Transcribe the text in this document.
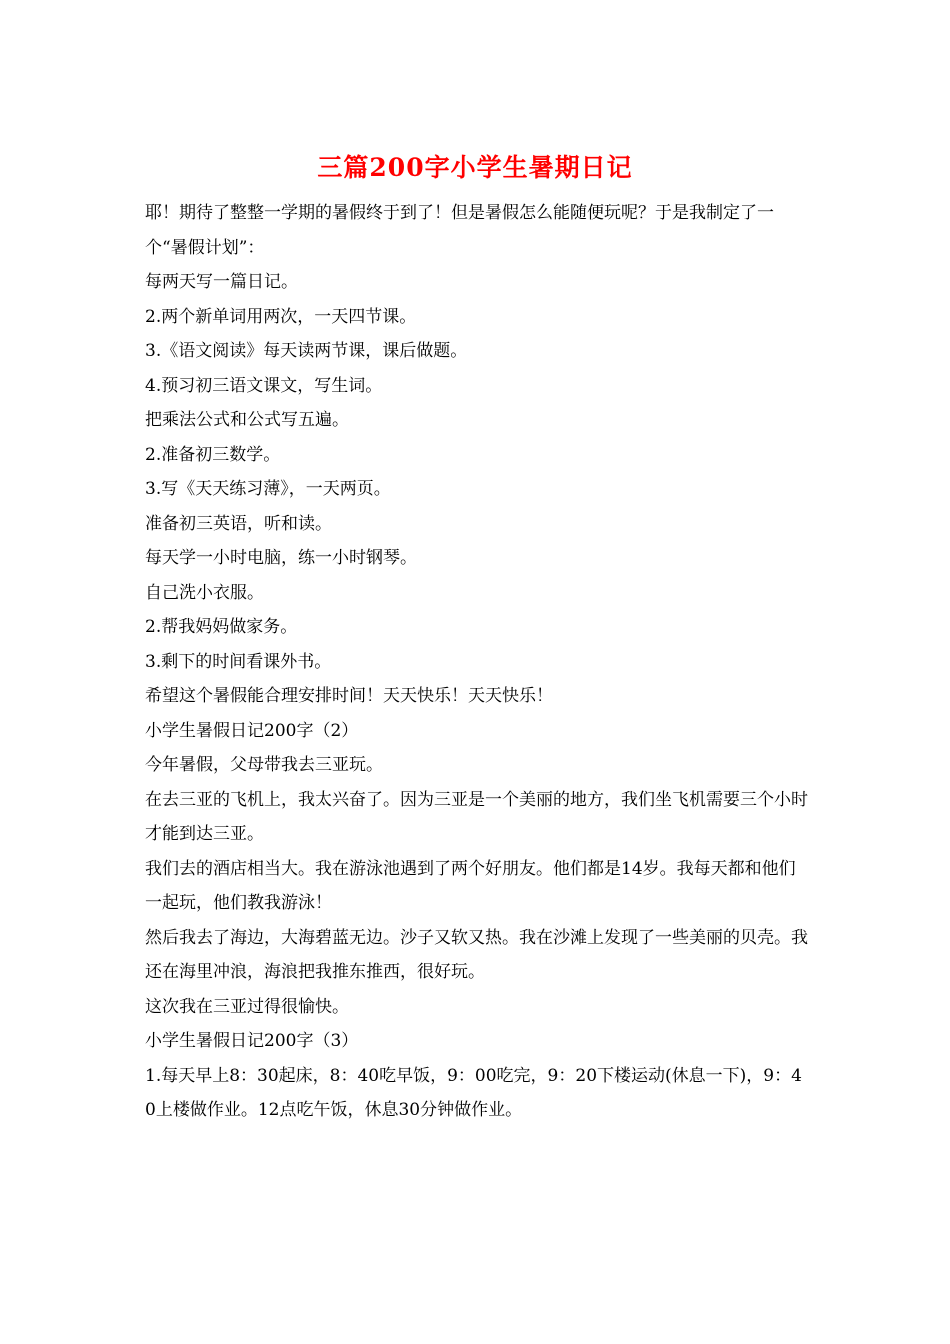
三篇200字小学生暑期日记

耶！期待了整整一学期的暑假终于到了！但是暑假怎么能随便玩呢？于是我制定了一个“暑假计划”：

每两天写一篇日记。

2.两个新单词用两次，一天四节课。

3.《语文阅读》每天读两节课，课后做题。

4.预习初三语文课文，写生词。

把乘法公式和公式写五遍。

2.准备初三数学。

3.写《天天练习薄》，一天两页。

准备初三英语，听和读。

每天学一小时电脑，练一小时钢琴。

自己洗小衣服。

2.帮我妈妈做家务。

3.剩下的时间看课外书。

希望这个暑假能合理安排时间！天天快乐！天天快乐！

小学生暑假日记200字（2）

今年暑假，父母带我去三亚玩。

在去三亚的飞机上，我太兴奋了。因为三亚是一个美丽的地方，我们坐飞机需要三个小时才能到达三亚。

我们去的酒店相当大。我在游泳池遇到了两个好朋友。他们都是14岁。我每天都和他们一起玩，他们教我游泳！

然后我去了海边，大海碧蓝无边。沙子又软又热。我在沙滩上发现了一些美丽的贝壳。我还在海里冲浪，海浪把我推东推西，很好玩。

这次我在三亚过得很愉快。

小学生暑假日记200字（3）

1.每天早上8：30起床，8：40吃早饭，9：00吃完，9：20下楼运动(休息一下)，9：40上楼做作业。12点吃午饭，休息30分钟做作业。
